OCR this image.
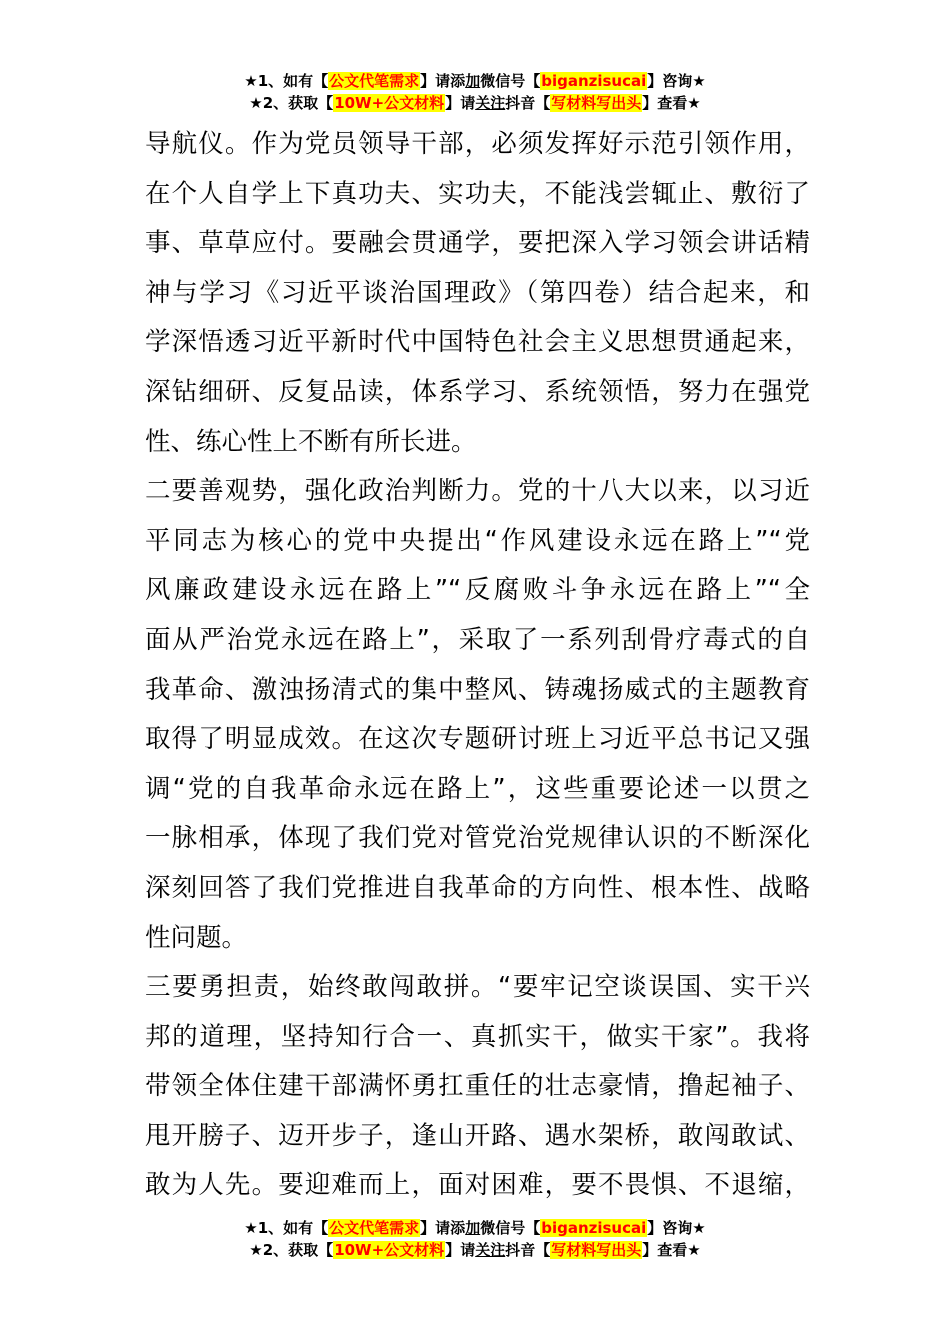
★1、如有【公文代笔需求】请添加微信号【biganzisucai】咨询★
★2、获取【10W+公文材料】请关注抖音【写材料写出头】查看★
导航仪。作为党员领导干部，必须发挥好示范引领作用，
在个人自学上下真功夫、实功夫，不能浅尝辄止、敷衍了
事、草草应付。要融会贯通学，要把深入学习领会讲话精
神与学习《习近平谈治国理政》（第四卷）结合起来，和
学深悟透习近平新时代中国特色社会主义思想贯通起来，
深钻细研、反复品读，体系学习、系统领悟，努力在强党
性、练心性上不断有所长进。
二要善观势，强化政治判断力。党的十八大以来，以习近
平同志为核心的党中央提出“作风建设永远在路上”“党
风廉政建设永远在路上”“反腐败斗争永远在路上”“全
面从严治党永远在路上”，采取了一系列刮骨疗毒式的自
我革命、激浊扬清式的集中整风、铸魂扬威式的主题教育
取得了明显成效。在这次专题研讨班上习近平总书记又强
调“党的自我革命永远在路上”，这些重要论述一以贯之
一脉相承，体现了我们党对管党治党规律认识的不断深化
深刻回答了我们党推进自我革命的方向性、根本性、战略
性问题。
三要勇担责，始终敢闯敢拼。“要牢记空谈误国、实干兴
邦的道理，坚持知行合一、真抓实干，做实干家”。我将
带领全体住建干部满怀勇扛重任的壮志豪情，撸起袖子、
甩开膀子、迈开步子，逢山开路、遇水架桥，敢闯敢试、
敢为人先。要迎难而上，面对困难，要不畏惧、不退缩，
★1、如有【公文代笔需求】请添加微信号【biganzisucai】咨询★
★2、获取【10W+公文材料】请关注抖音【写材料写出头】查看★
